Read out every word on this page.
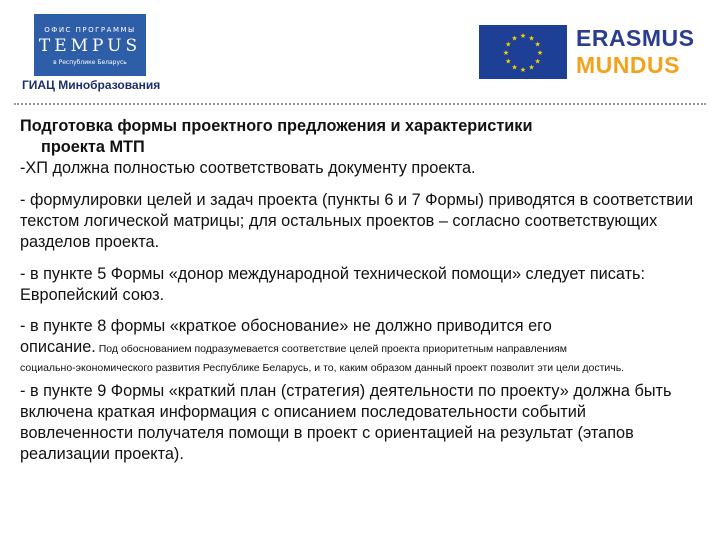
ОФИС ПРОГРАММЫ
TEMPUS
в Республике Беларусь
ГИАЦ Минобразования
★ ★
★
★
★
★
★
★
★
★
★
★	ERASMUS
MUNDUS

Подготовка формы проектного предложения и характеристики

проекта МТП

-ХП должна полностью соответствовать документу проекта.

- формулировки целей и задач проекта (пункты 6 и 7 Формы) приводятся в соответствии текстом логической матрицы; для остальных проектов – согласно соответствующих разделов проекта.

- в пункте 5 Формы «донор международной технической помощи» следует писать: Европейский союз.

- в пункте 8 формы «краткое обоснование» не должно приводится его
описание. Под обоснованием подразумевается соответствие целей проекта приоритетным направлениям

социально-экономического развития Республике Беларусь, и то, каким образом данный проект позволит эти цели достичь.

- в пункте 9 Формы «краткий план (стратегия) деятельности по проекту» должна быть включена краткая информация с описанием последовательности событий вовлеченности получателя помощи в проект с ориентацией на результат (этапов реализации проекта).
